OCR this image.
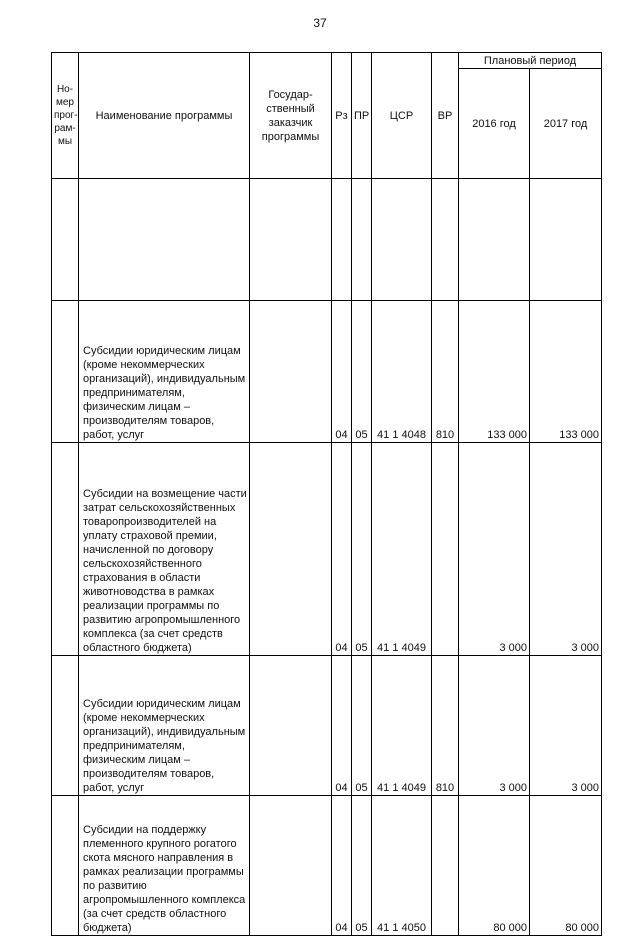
37
Но-
мер
прог-
рам-
мы	Наименование программы	Государ-
ственный
заказчик
программы	Рз	ПР	ЦСР	ВР	Плановый период	
							2016 год	2017 год

	Субсидии юридическим лицам (кроме некоммерческих организаций), индивидуальным предпринимателям, физическим лицам – производителям товаров, работ, услуг		04	05	41 1 4048	810	133 000	133 000
	Субсидии на возмещение части затрат сельскохозяйственных товаропроизводителей на уплату страховой премии, начисленной по договору сельскохозяйственного страхования в области животноводства в рамках реализации программы по развитию агропромышленного комплекса (за счет средств областного бюджета)		04	05	41 1 4049		3 000	3 000
	Субсидии юридическим лицам (кроме некоммерческих организаций), индивидуальным предпринимателям, физическим лицам – производителям товаров, работ, услуг		04	05	41 1 4049	810	3 000	3 000
	Субсидии на поддержку племенного крупного рогатого скота мясного направления в рамках реализации программы по развитию агропромышленного комплекса (за счет средств областного бюджета)		04	05	41 1 4050		80 000	80 000
